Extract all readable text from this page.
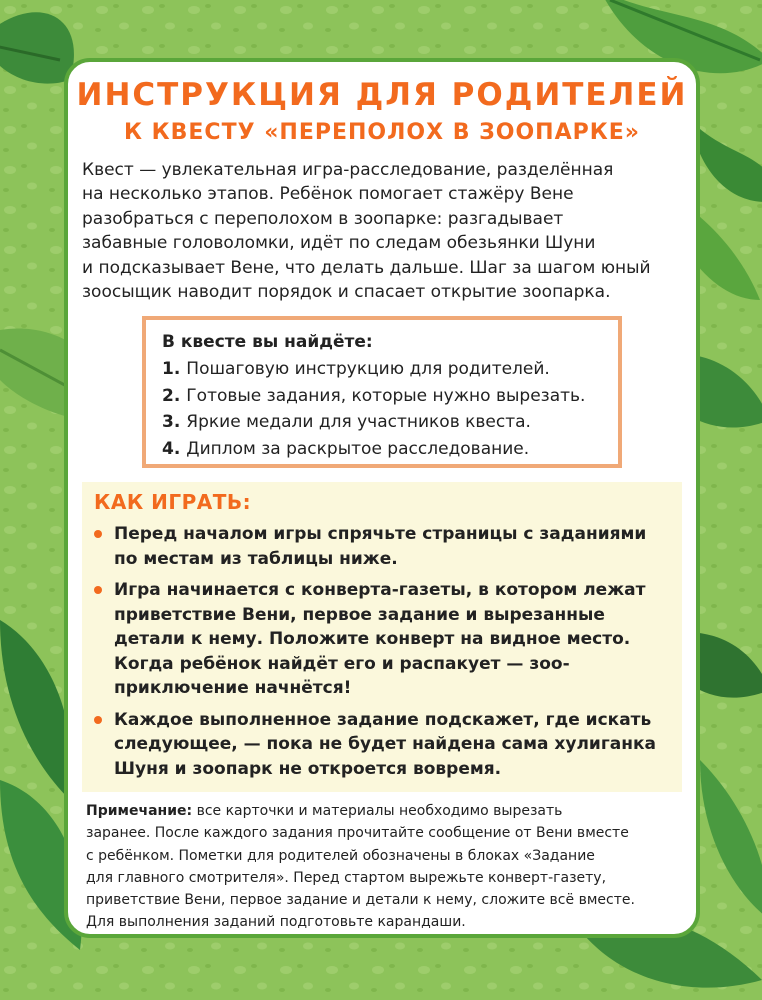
ИНСТРУКЦИЯ ДЛЯ РОДИТЕЛЕЙ
К КВЕСТУ «ПЕРЕПОЛОХ В ЗООПАРКЕ»

Квест — увлекательная игра-расследование, разделённая
на несколько этапов. Ребёнок помогает стажёру Вене
разобраться с переполохом в зоопарке: разгадывает
забавные головоломки, идёт по следам обезьянки Шуни
и подсказывает Вене, что делать дальше. Шаг за шагом юный
зоосыщик наводит порядок и спасает открытие зоопарка.

В квесте вы найдёте:
1. Пошаговую инструкцию для родителей.
2. Готовые задания, которые нужно вырезать.
3. Яркие медали для участников квеста.
4. Диплом за раскрытое расследование.
КАК ИГРАТЬ:
Перед началом игры спрячьте страницы с заданиями
по местам из таблицы ниже.
Игра начинается с конверта-газеты, в котором лежат
приветствие Вени, первое задание и вырезанные
детали к нему. Положите конверт на видное место.
Когда ребёнок найдёт его и распакует — зоо-
приключение начнётся!
Каждое выполненное задание подскажет, где искать
следующее, — пока не будет найдена сама хулиганка
Шуня и зоопарк не откроется вовремя.
Примечание: все карточки и материалы необходимо вырезать
заранее. После каждого задания прочитайте сообщение от Вени вместе
с ребёнком. Пометки для родителей обозначены в блоках «Задание
для главного смотрителя». Перед стартом вырежьте конверт-газету,
приветствие Вени, первое задание и детали к нему, сложите всё вместе.
Для выполнения заданий подготовьте карандаши.
